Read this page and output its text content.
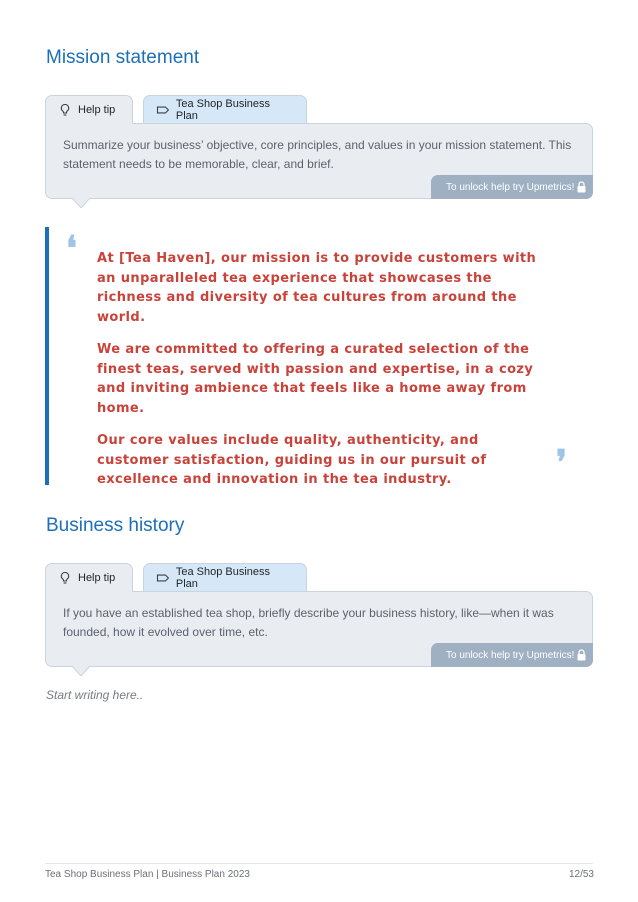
Mission statement
Help tip
Tea Shop Business Plan
Summarize your business’ objective, core principles, and values in your mission statement. This statement needs to be memorable, clear, and brief.
To unlock help try Upmetrics!
❛ At [Tea Haven], our mission is to provide customers with an unparalleled tea experience that showcases the richness and diversity of tea cultures from around the world.

We are committed to offering a curated selection of the finest teas, served with passion and expertise, in a cozy and inviting ambience that feels like a home away from home.

Our core values include quality, authenticity, and customer satisfaction, guiding us in our pursuit of excellence and innovation in the tea industry.	❜
Business history
Help tip
Tea Shop Business Plan
If you have an established tea shop, briefly describe your business history, like—when it was founded, how it evolved over time, etc.
To unlock help try Upmetrics!
Start writing here..
Tea Shop Business Plan | Business Plan 2023	12/53
